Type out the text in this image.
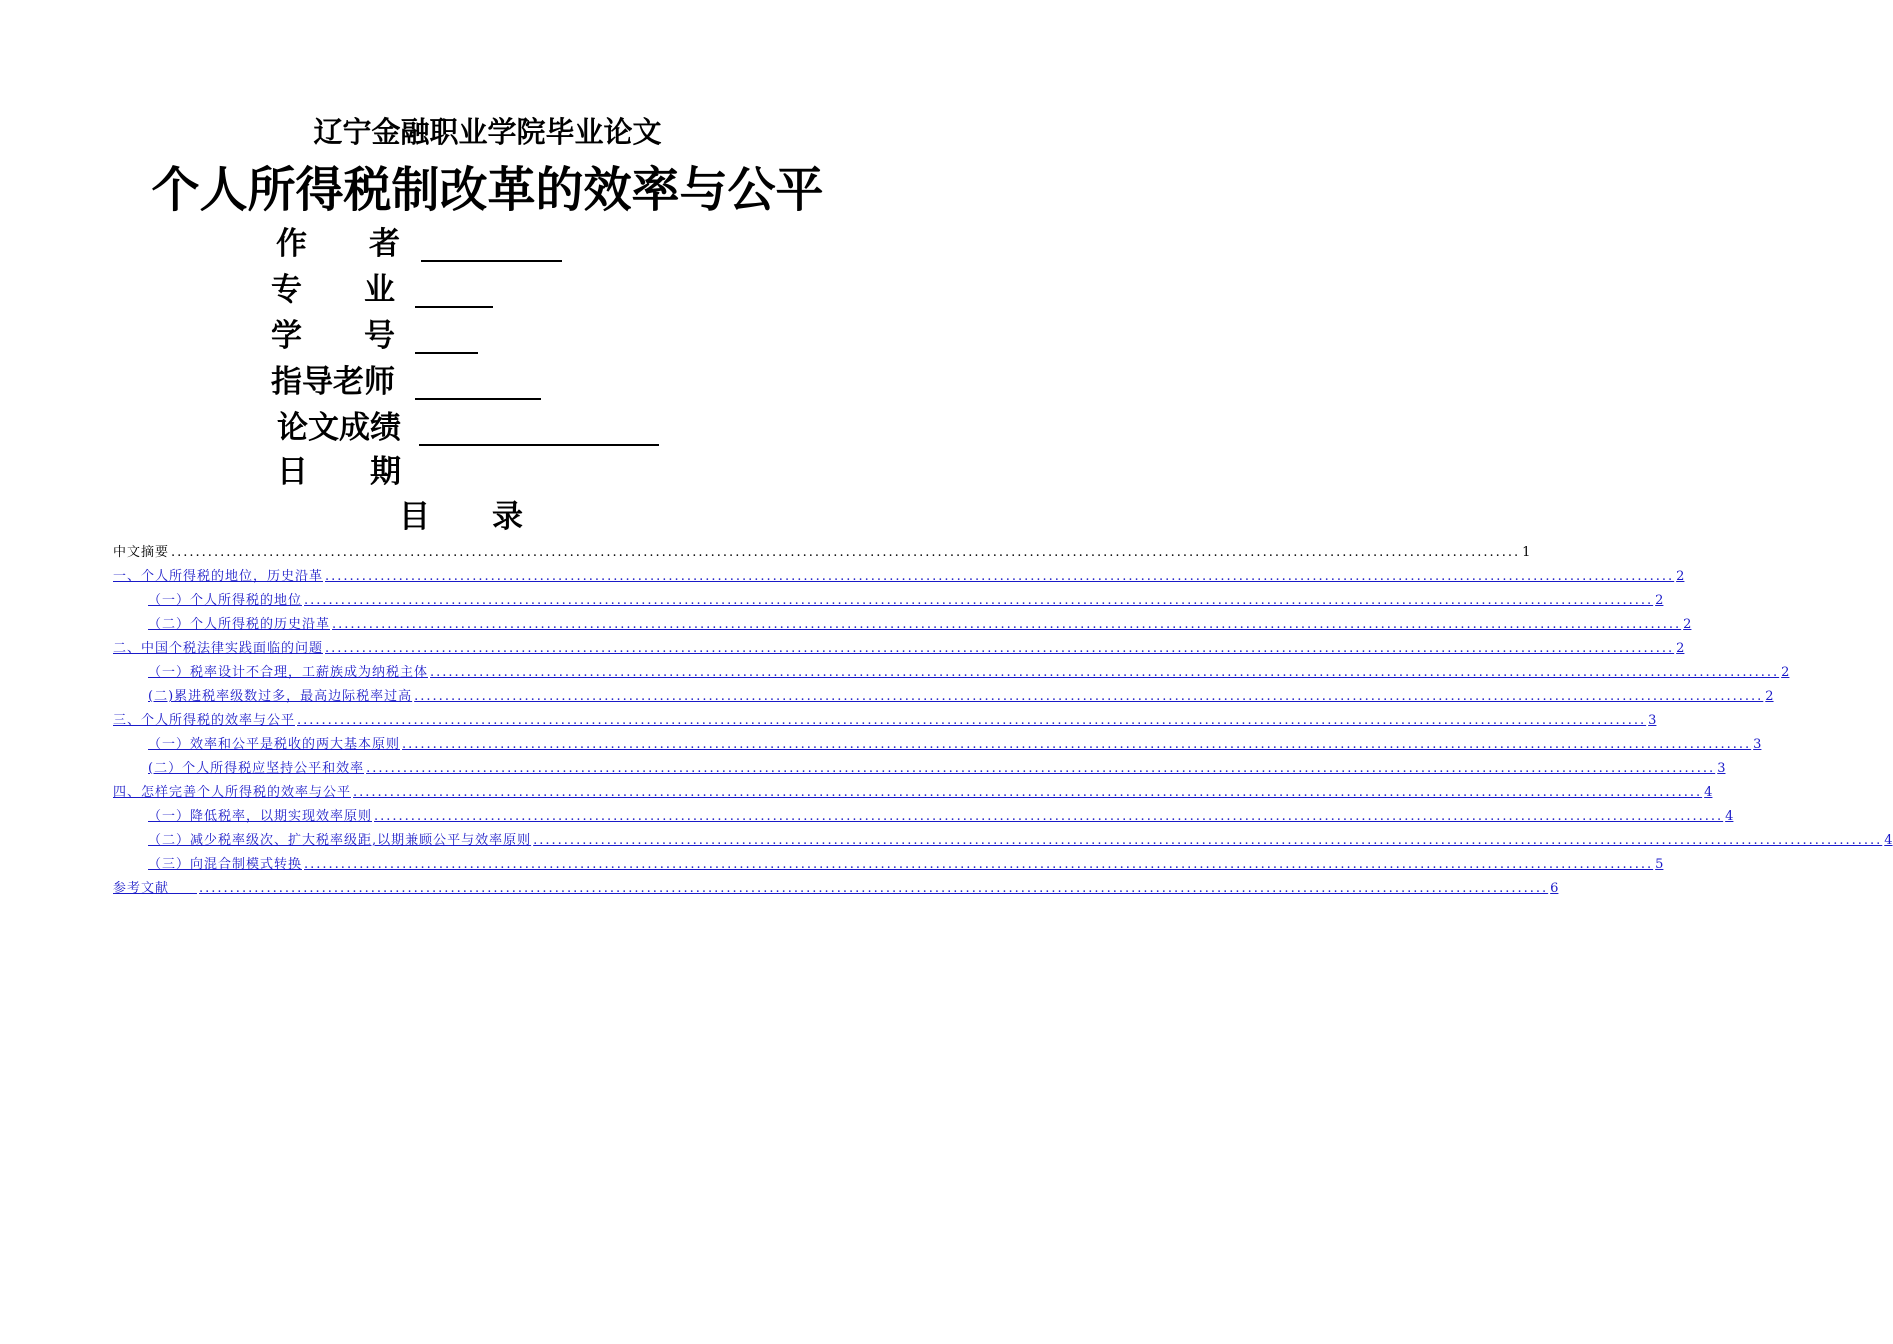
辽宁金融职业学院毕业论文
个人所得税制改革的效率与公平
作　　者
专　　业
学　　号
指导老师
论文成绩
日　　期
目　　录
中文摘要 ............................................................................................................................................................................................................................ 1
一、个人所得税的地位，历史沿革 ............................................................................................................................................................................................................................ 2
（一）个人所得税的地位 ............................................................................................................................................................................................................................ 2
（二）个人所得税的历史沿革 ............................................................................................................................................................................................................................ 2
二、中国个税法律实践面临的问题 ............................................................................................................................................................................................................................ 2
（一）税率设计不合理，工薪族成为纳税主体 ............................................................................................................................................................................................................................ 2
(二)累进税率级数过多，最高边际税率过高 ............................................................................................................................................................................................................................ 2
三、个人所得税的效率与公平 ............................................................................................................................................................................................................................ 3
（一）效率和公平是税收的两大基本原则 ............................................................................................................................................................................................................................ 3
(二）个人所得税应坚持公平和效率 ............................................................................................................................................................................................................................ 3
四、怎样完善个人所得税的效率与公平 ............................................................................................................................................................................................................................ 4
（一）降低税率，以期实现效率原则 ............................................................................................................................................................................................................................ 4
（二）减少税率级次、扩大税率级距,以期兼顾公平与效率原则 ............................................................................................................................................................................................................................ 4
（三）向混合制模式转换 ............................................................................................................................................................................................................................ 5
参考文献　　 ............................................................................................................................................................................................................................ 6
